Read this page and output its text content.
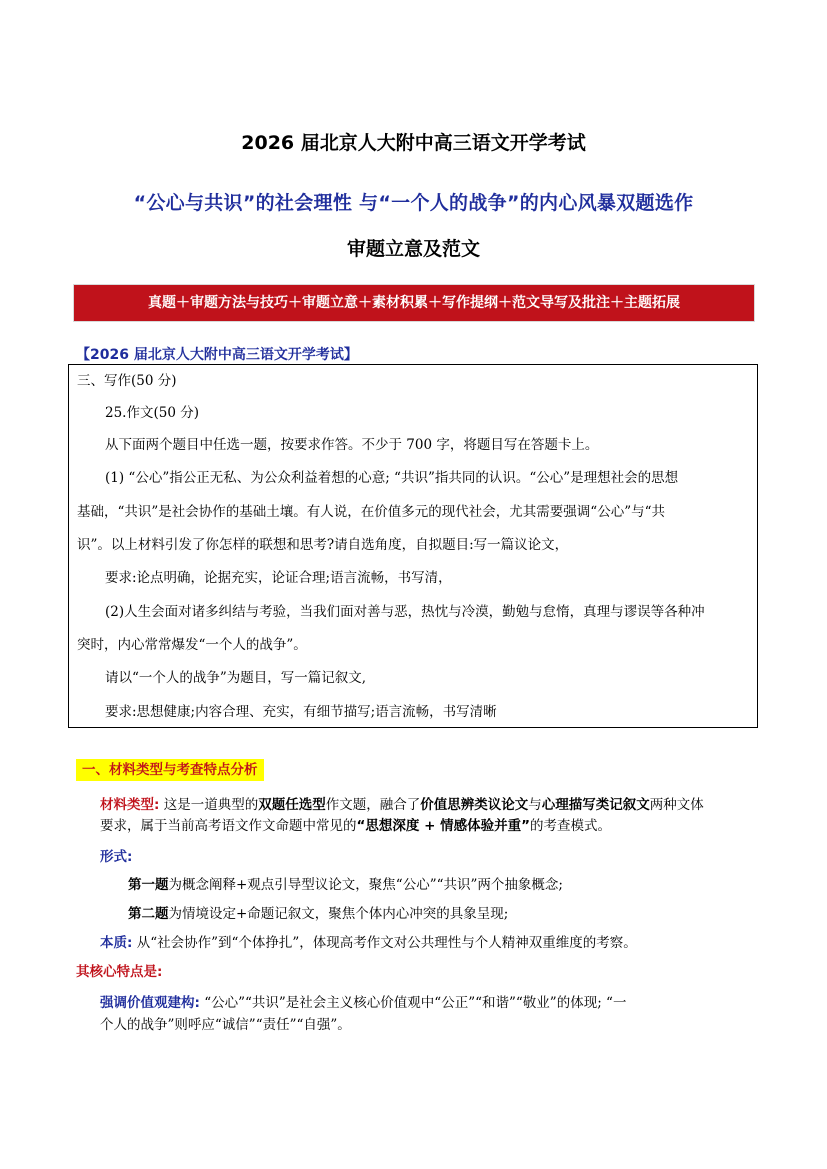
2026 届北京人大附中高三语文开学考试
“公心与共识”的社会理性 与“一个人的战争”的内心风暴双题选作
审题立意及范文
真题＋审题方法与技巧＋审题立意＋素材积累＋写作提纲＋范文导写及批注＋主题拓展
【2026 届北京人大附中高三语文开学考试】
三、写作(50 分)
25.作文(50 分)
从下面两个题目中任选一题，按要求作答。不少于 700 字，将题目写在答题卡上。
(1) “公心”指公正无私、为公众利益着想的心意; “共识”指共同的认识。“公心”是理想社会的思想
基础，“共识”是社会协作的基础土壤。有人说，在价值多元的现代社会，尤其需要强调“公心”与“共
识”。以上材料引发了你怎样的联想和思考?请自选角度，自拟题目:写一篇议论文，
要求:论点明确，论据充实，论证合理;语言流畅，书写清，
(2)人生会面对诸多纠结与考验，当我们面对善与恶，热忱与冷漠，勤勉与怠惰，真理与谬误等各种冲
突时，内心常常爆发“一个人的战争”。
请以“一个人的战争”为题目，写一篇记叙文,
要求:思想健康;内容合理、充实，有细节描写;语言流畅，书写清晰
一、材料类型与考查特点分析
材料类型: 这是一道典型的双题任选型作文题，融合了价值思辨类议论文与心理描写类记叙文两种文体
要求，属于当前高考语文作文命题中常见的“思想深度 + 情感体验并重”的考查模式。
形式:
第一题为概念阐释+观点引导型议论文，聚焦“公心”“共识”两个抽象概念;
第二题为情境设定+命题记叙文，聚焦个体内心冲突的具象呈现;
本质: 从“社会协作”到“个体挣扎”，体现高考作文对公共理性与个人精神双重维度的考察。
其核心特点是:
强调价值观建构: “公心”“共识”是社会主义核心价值观中“公正”“和谐”“敬业”的体现; “一
个人的战争”则呼应“诚信”“责任”“自强”。
